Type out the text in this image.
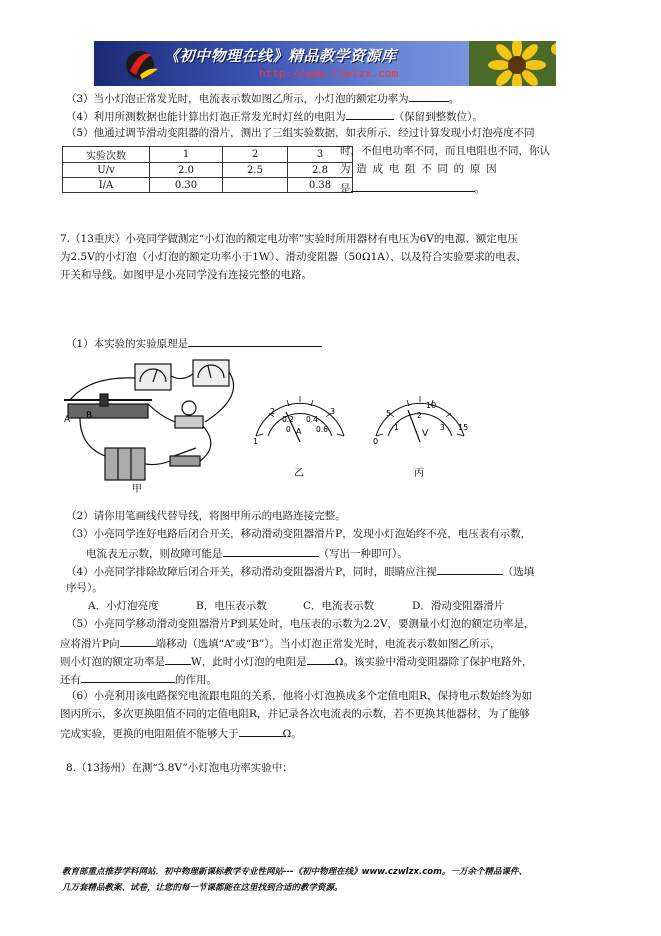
《初中物理在线》精品教学资源库
http://www.czwlzx.com
（3）当小灯泡正常发光时，电流表示数如图乙所示，小灯泡的额定功率为	。
（4）利用所测数据也能计算出灯泡正常发光时灯丝的电阻为	（保留到整数位）。
（5）他通过调节滑动变阻器的滑片，测出了三组实验数据，如表所示．经过计算发现小灯泡亮度不同
实验次数	1	2	3
U/v	2.0	2.5	2.8
I/A	0.30		0.38
时，不但电功率不同，而且电阻也不同，你认
为 造 成 电 阻 不 同 的 原 因
是	。
7.（13重庆）小亮同学做测定“小灯泡的额定电功率”实验时所用器材有电压为6V的电源、额定电压
为2.5V的小灯泡（小灯泡的额定功率小于1W）、滑动变阻器（50Ω1A）、以及符合实验要求的电表、
开关和导线。如图甲是小亮同学没有连接完整的电路。
（1）本实验的实验原理是
A B
甲
1
2	3
0
0.2 0.4
0.6
A
乙
5
10
15
0
1
2
3
V
丙
（2）请你用笔画线代替导线，将图甲所示的电路连接完整。
（3）小亮同学连好电路后闭合开关，移动滑动变阻器滑片P，发现小灯泡始终不亮，电压表有示数，
电流表无示数，则故障可能是	（写出一种即可）。
（4）小亮同学排除故障后闭合开关，移动滑动变阻器滑片P，同时，眼睛应注视	（选填
序号）。
A．小灯泡亮度	B．电压表示数	C．电流表示数	D．滑动变阻器滑片
（5）小亮同学移动滑动变阻器滑片P到某处时，电压表的示数为2.2V，要测量小灯泡的额定功率是，
应将滑片P向	端移动（选填“A”或“B”）。当小灯泡正常发光时，电流表示数如图乙所示，
则小灯泡的额定功率是 W，此时小灯泡的电阻是	Ω。该实验中滑动变阻器除了保护电路外，
还有	的作用。
（6）小亮利用该电路探究电流跟电阻的关系，他将小灯泡换成多个定值电阻R，保持电示数始终为如
图丙所示，多次更换阻值不同的定值电阻R，并记录各次电流表的示数，若不更换其他器材，为了能够
完成实验，更换的电阻阻值不能够大于	Ω。
8.（13扬州）在测“3.8V”小灯泡电功率实验中：
教育部重点推荐学科网站．初中物理新课标教学专业性网站---《初中物理在线》www.czwlzx.com。一万余个精品课件、
几万套精品教案、试卷，让您的每一节课都能在这里找到合适的教学资源。
